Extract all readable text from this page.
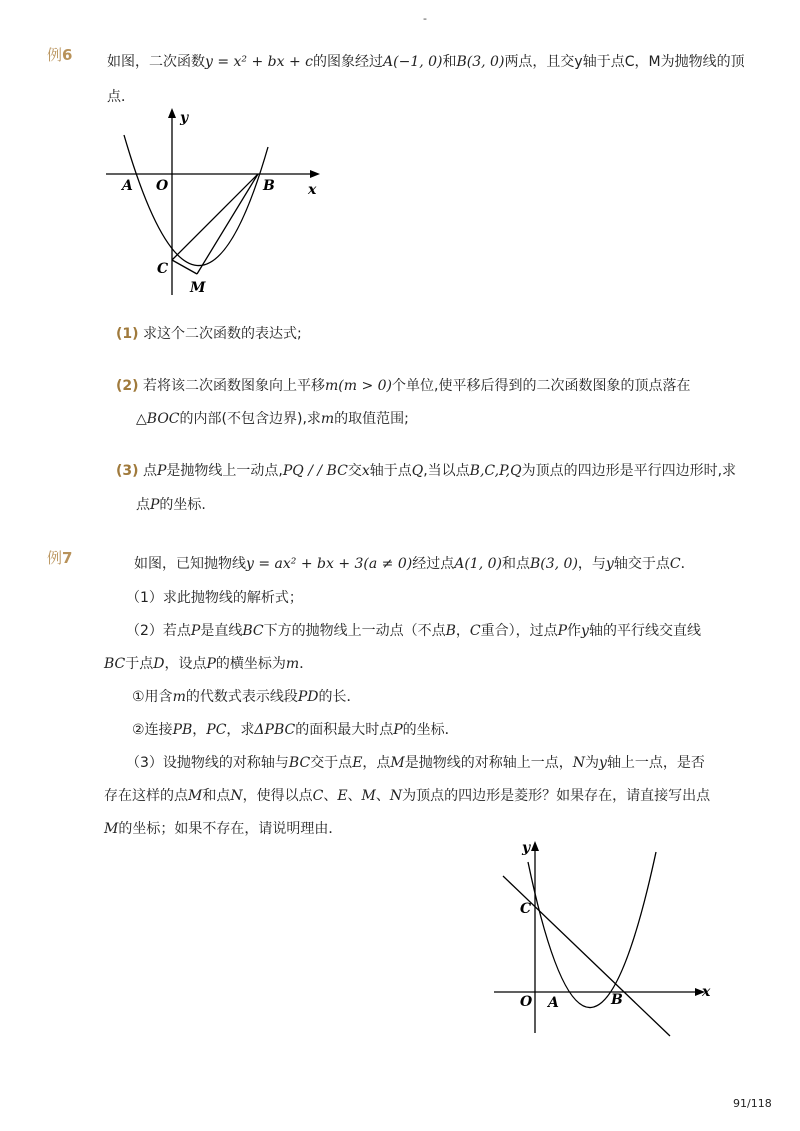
-
例6 如图，二次函数y = x² + bx + c的图象经过A(−1, 0)和B(3, 0)两点，且交y轴于点C，M为抛物线的顶
点．
y
x
A O	B
C
M
(1) 求这个二次函数的表达式;
(2) 若将该二次函数图象向上平移m(m > 0)个单位,使平移后得到的二次函数图象的顶点落在
△BOC的内部(不包含边界),求m的取值范围;
(3) 点P是抛物线上一动点,PQ / / BC交x轴于点Q,当以点B,C,P,Q为顶点的四边形是平行四边形时,求
点P的坐标.
例7	如图，已知抛物线y = ax² + bx + 3(a ≠ 0)经过点A(1, 0)和点B(3, 0)，与y轴交于点C．
（1）求此抛物线的解析式；
（2）若点P是直线BC下方的抛物线上一动点（不点B，C重合），过点P作y轴的平行线交直线
BC于点D，设点P的横坐标为m．
①用含m的代数式表示线段PD的长．
②连接PB，PC，求ΔPBC的面积最大时点P的坐标．
（3）设抛物线的对称轴与BC交于点E，点M是抛物线的对称轴上一点，N为y轴上一点，是否
存在这样的点M和点N，使得以点C、E、M、N为顶点的四边形是菱形？如果存在，请直接写出点
M的坐标；如果不存在，请说明理由．
y
x
C
O A	B
91/118
